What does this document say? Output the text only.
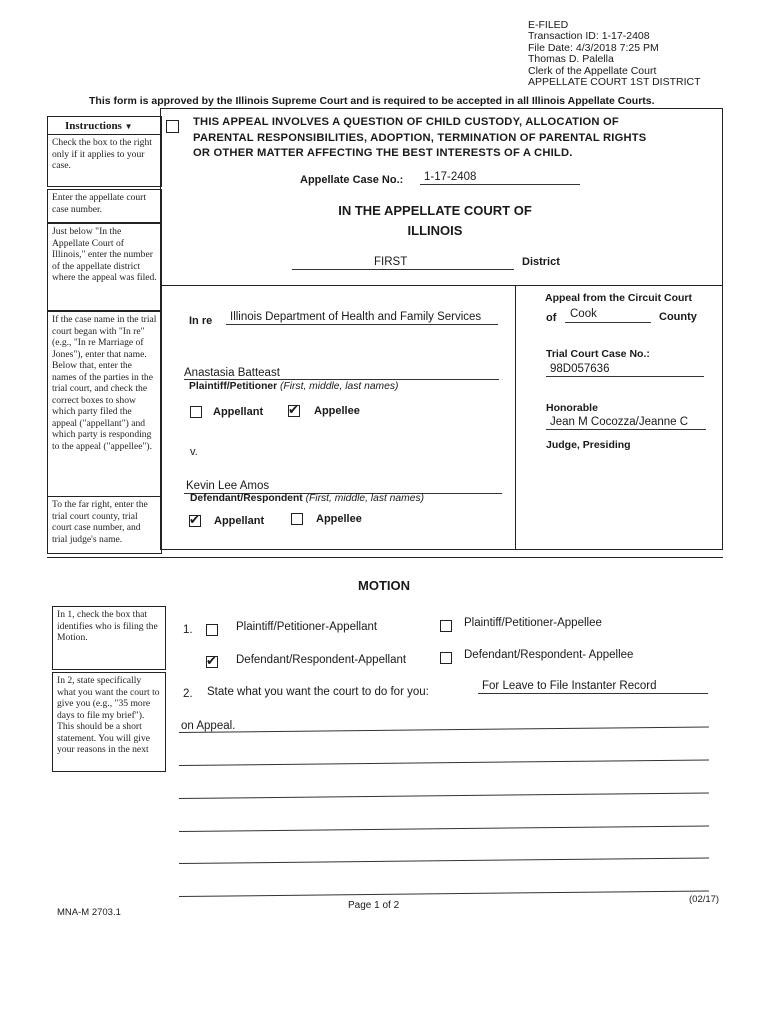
E-FILED
Transaction ID: 1-17-2408
File Date: 4/3/2018 7:25 PM
Thomas D. Palella
Clerk of the Appellate Court
APPELLATE COURT 1ST DISTRICT
This form is approved by the Illinois Supreme Court and is required to be accepted in all Illinois Appellate Courts.
Instructions ▼
Check the box to the right only if it applies to your case.
Enter the appellate court case number.
Just below "In the Appellate Court of Illinois," enter the number of the appellate district where the appeal was filed.
If the case name in the trial court began with "In re" (e.g., "In re Marriage of Jones"), enter that name. Below that, enter the names of the parties in the trial court, and check the correct boxes to show which party filed the appeal ("appellant") and which party is responding to the appeal ("appellee").
To the far right, enter the trial court county, trial court case number, and trial judge's name.
THIS APPEAL INVOLVES A QUESTION OF CHILD CUSTODY, ALLOCATION OF
PARENTAL RESPONSIBILITIES, ADOPTION, TERMINATION OF PARENTAL RIGHTS
OR OTHER MATTER AFFECTING THE BEST INTERESTS OF A CHILD.
Appellate Case No.: 1-17-2408
IN THE APPELLATE COURT OF
ILLINOIS
FIRST	District
In re Illinois Department of Health and Family Services
Anastasia Batteast
Plaintiff/Petitioner (First, middle, last names)
Appellant ✔ Appellee
v.
Kevin Lee Amos
Defendant/Respondent (First, middle, last names)
✔ Appellant	Appellee
Appeal from the Circuit Court
of Cook	County
Trial Court Case No.:
98D057636
Honorable
Jean M Cocozza/Jeanne C
Judge, Presiding
MOTION
In 1, check the box that identifies who is filing the Motion.
In 2, state specifically what you want the court to give you (e.g., "35 more days to file my brief"). This should be a short statement. You will give your reasons in the next
1.	Plaintiff/Petitioner-Appellant	Plaintiff/Petitioner-Appellee
✔ Defendant/Respondent-Appellant	Defendant/Respondent- Appellee
2. State what you want the court to do for you:	For Leave to File Instanter Record
on Appeal.
MNA-M 2703.1
Page 1 of 2
(02/17)
